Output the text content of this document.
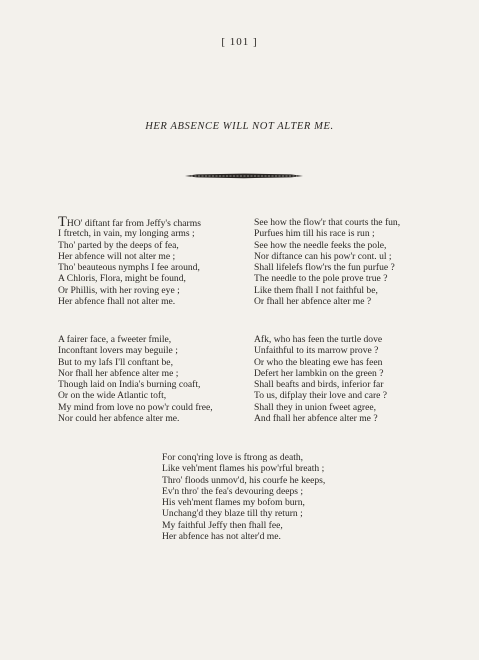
[ 101 ]
HER ABSENCE WILL NOT ALTER ME.
THO' diftant far from Jeffy's charms
I ftretch, in vain, my longing arms ;
Tho' parted by the deeps of fea,
Her abfence will not alter me ;
Tho' beauteous nymphs I fee around,
A Chloris, Flora, might be found,
Or Phillis, with her roving eye ;
Her abfence fhall not alter me.
See how the flow'r that courts the fun,
Purfues him till his race is run ;
See how the needle feeks the pole,
Nor diftance can his pow'r cont. ul ;
Shall lifelefs flow'rs the fun purfue ?
The needle to the pole prove true ?
Like them fhall I not faithful be,
Or fhall her abfence alter me ?
A fairer face, a fweeter fmile,
Inconftant lovers may beguile ;
But to my lafs I'll conftant be,
Nor fhall her abfence alter me ;
Though laid on India's burning coaft,
Or on the wide Atlantic toft,
My mind from love no pow'r could free,
Nor could her abfence alter me.
Afk, who has feen the turtle dove
Unfaithful to its marrow prove ?
Or who the bleating ewe has feen
Defert her lambkin on the green ?
Shall beafts and birds, inferior far
To us, difplay their love and care ?
Shall they in union fweet agree,
And fhall her abfence alter me ?
For conq'ring love is ftrong as death,
Like veh'ment flames his pow'rful breath ;
Thro' floods unmov'd, his courfe he keeps,
Ev'n thro' the fea's devouring deeps ;
His veh'ment flames my bofom burn,
Unchang'd they blaze till thy return ;
My faithful Jeffy then fhall fee,
Her abfence has not alter'd me.
